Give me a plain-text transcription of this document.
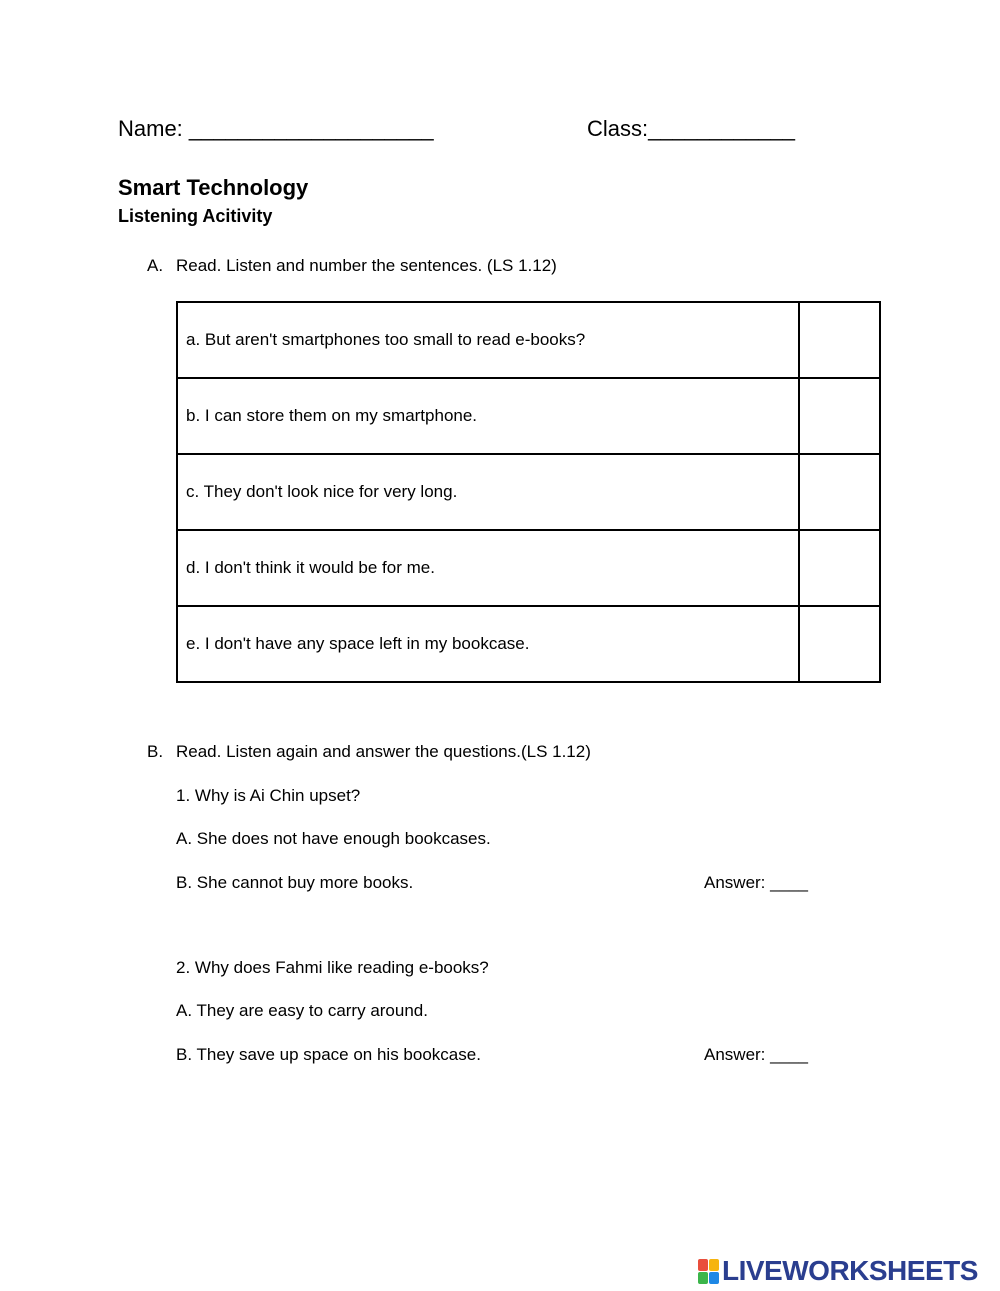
Name: ____________________	Class:____________
Smart Technology
Listening Acitivity
A. Read. Listen and number the sentences. (LS 1.12)
a. But aren't smartphones too small to read e-books?	
b. I can store them on my smartphone.	
c. They don't look nice for very long.	
d. I don't think it would be for me.	
e. I don't have any space left in my bookcase.	
B. Read. Listen again and answer the questions.(LS 1.12)
1. Why is Ai Chin upset?
A. She does not have enough bookcases.
B. She cannot buy more books.	Answer: ____
2. Why does Fahmi like reading e-books?
A. They are easy to carry around.
B. They save up space on his bookcase.	Answer: ____
LIVEWORKSHEETS
